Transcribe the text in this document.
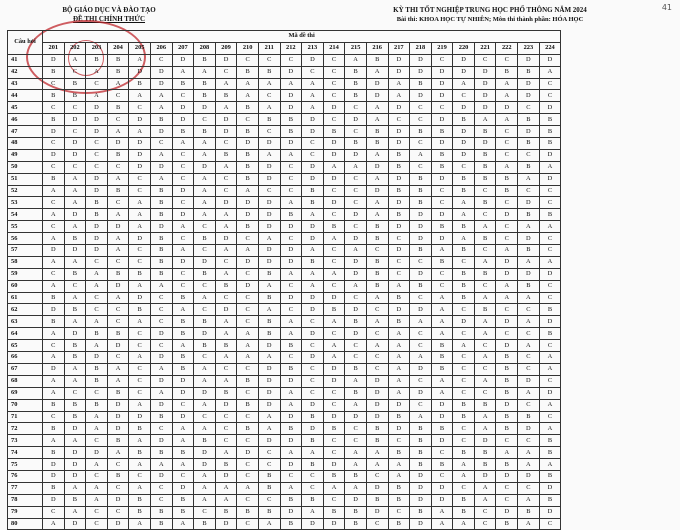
41
BỘ GIÁO DỤC VÀ ĐÀO TẠO
ĐỀ THI CHÍNH THỨC
KỲ THI TỐT NGHIỆP TRUNG HỌC PHỔ THÔNG NĂM 2024
Bài thi: KHOA HỌC TỰ NHIÊN; Môn thi thành phần: HÓA HỌC
Câu hỏi	Mã đề thi																							
	201	202	203	204	205	206	207	208	209	210	211	212	213	214	215	216	217	218	219	220	221	222	223	224
41	D	A	B	B	A	C	D	B	D	C	C	C	D	C	A	B	D	D	C	D	C	C	D	D
42	B	C	A	B	D	D	A	A	C	B	B	D	C	C	B	A	D	D	D	D	D	B	B	A
43	C	B	C	A	B	D	B	B	A	A	A	A	A	C	B	D	A	B	D	A	D	A	D	C
44	B	B	A	C	A	A	C	B	B	A	C	D	A	C	B	D	A	D	D	C	D	A	D	C
45	C	C	D	B	C	A	D	D	A	B	A	D	A	D	C	A	D	C	C	D	D	D	C	D
46	B	D	D	C	D	B	D	C	D	C	B	B	D	C	D	A	C	C	D	B	A	A	B	B
47	D	C	D	A	A	D	B	B	D	B	C	B	D	B	C	B	D	B	B	D	B	C	D	B
48	C	D	C	D	D	C	A	A	C	D	D	D	C	D	B	B	D	C	D	D	D	C	B	B
49	D	D	C	B	D	A	C	A	B	B	A	A	C	D	D	A	B	A	B	D	B	C	C	D
50	C	C	C	C	D	D	C	D	A	B	D	C	D	A	A	D	B	C	B	C	B	A	B	A
51	B	A	D	A	C	A	C	A	C	B	D	C	D	D	C	A	D	B	D	B	B	B	A	D
52	A	A	D	B	C	B	D	A	C	A	C	C	B	C	C	D	B	B	C	B	C	B	C	C
53	C	A	B	C	A	B	C	A	D	D	D	A	B	D	C	A	D	B	C	A	B	C	D	C
54	A	D	B	A	A	B	D	A	A	D	D	B	A	C	D	A	B	D	D	A	C	D	B	B
55	C	A	D	D	A	D	A	C	A	B	D	D	D	B	C	B	D	D	B	B	A	C	A	A
56	A	B	D	A	D	B	C	B	D	C	A	C	D	A	D	B	C	D	D	A	B	C	D	C
57	D	D	D	A	C	B	A	C	A	A	D	D	A	C	A	C	D	B	A	B	C	A	B	C
58	A	A	C	C	C	B	D	D	C	D	D	D	B	C	D	B	C	C	B	C	A	D	A	A
59	C	B	A	B	B	B	C	B	A	C	B	A	A	A	D	B	C	D	C	B	B	D	D	D
60	A	C	A	D	A	A	C	C	B	D	A	C	A	C	A	B	A	B	C	B	C	A	B	C
61	B	A	C	A	D	C	B	A	C	C	B	D	D	D	C	A	B	C	A	B	A	A	A	C
62	D	B	C	C	B	C	A	C	D	C	A	C	D	B	D	C	D	D	A	C	B	C	C	B
63	B	A	A	C	A	C	B	B	A	C	B	A	C	A	B	A	B	A	A	D	A	D	A	D
64	A	D	B	B	C	D	B	D	A	A	B	A	D	C	D	C	A	C	A	C	A	C	C	B
65	C	B	A	D	C	C	A	B	B	A	D	B	C	A	C	A	A	C	B	A	C	D	A	C
66	A	B	D	C	A	D	B	C	A	A	A	C	D	A	C	C	A	A	B	C	A	B	C	A
67	D	A	B	A	C	A	B	A	C	C	D	B	C	D	B	C	A	D	B	C	C	B	C	A
68	A	A	B	A	C	D	D	A	A	B	D	D	C	D	A	D	A	C	A	C	A	B	D	C
69	A	C	C	B	C	A	D	D	B	C	D	A	C	C	B	D	A	D	A	C	C	B	A	D
70	B	B	B	D	A	D	C	A	D	B	D	A	D	C	A	D	D	C	D	B	B	D	C	A
71	C	B	A	D	D	B	D	C	C	C	A	D	B	D	D	D	B	A	D	B	A	B	B	C
72	B	D	A	D	B	C	A	A	C	B	A	B	D	B	C	B	D	B	B	C	A	B	D	A
73	A	A	C	B	A	D	A	B	C	C	D	D	B	C	C	B	C	B	D	C	D	C	C	B
74	B	D	D	A	B	B	B	D	A	D	C	A	A	C	A	A	B	B	C	B	B	A	A	B
75	D	D	A	C	A	A	A	D	B	C	C	D	B	D	A	A	A	B	B	A	B	B	A	A
76	D	D	C	B	C	D	C	A	D	C	B	C	C	B	B	C	A	D	C	A	D	D	D	B
77	B	A	A	C	A	C	D	A	A	A	B	A	C	A	A	D	B	D	D	C	A	C	C	D
78	D	B	A	D	B	C	B	A	A	C	C	B	B	C	D	B	B	D	D	B	A	C	A	B
79	C	A	C	C	B	B	B	C	B	B	B	D	A	B	B	D	C	B	A	B	C	D	B	D
80	A	D	C	D	A	B	A	B	D	C	A	B	D	D	B	C	B	D	A	A	C	B	A	C
